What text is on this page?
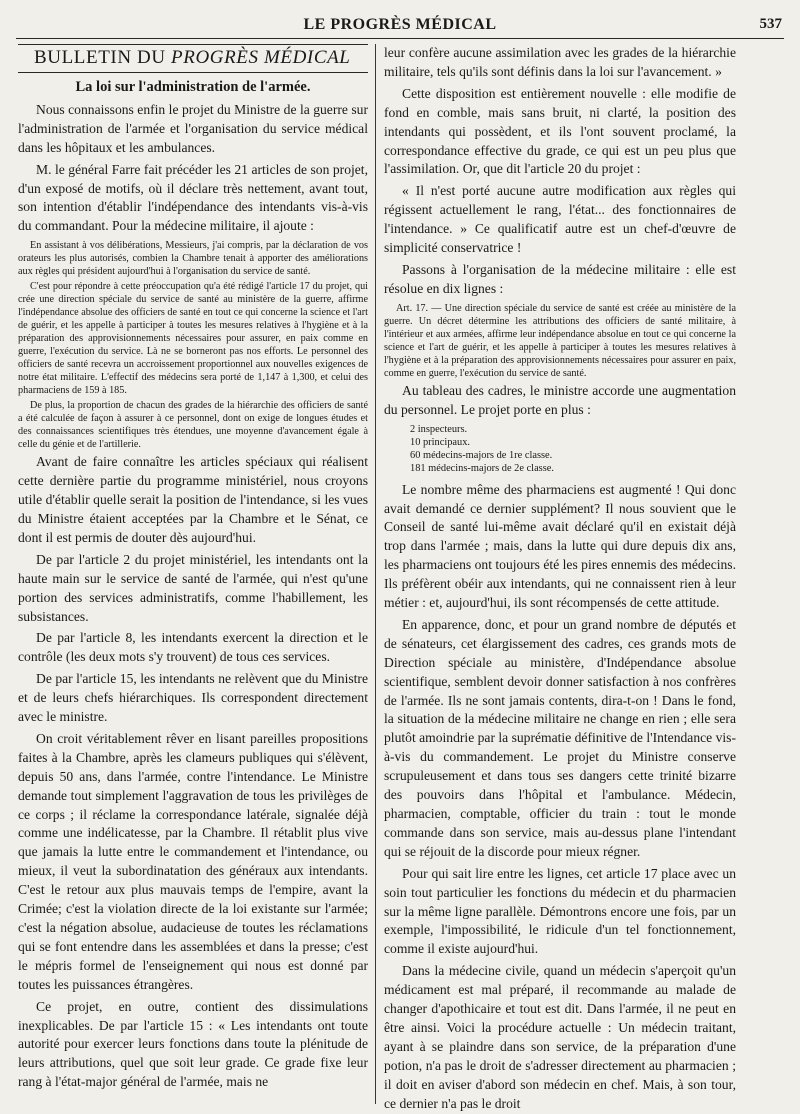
LE PROGRÈS MÉDICAL	537
BULLETIN DU PROGRÈS MÉDICAL
La loi sur l'administration de l'armée.

Nous connaissons enfin le projet du Ministre de la guerre sur l'administration de l'armée et l'organisation du service médical dans les hôpitaux et les ambulances.

M. le général Farre fait précéder les 21 articles de son projet, d'un exposé de motifs, où il déclare très nettement, avant tout, son intention d'établir l'indépendance des intendants vis-à-vis du commandant. Pour la médecine militaire, il ajoute :

En assistant à vos délibérations, Messieurs, j'ai compris, par la déclaration de vos orateurs les plus autorisés, combien la Chambre tenait à apporter des améliorations aux règles qui président aujourd'hui à l'organisation du service de santé.

C'est pour répondre à cette préoccupation qu'a été rédigé l'article 17 du projet, qui crée une direction spéciale du service de santé au ministère de la guerre, affirme l'indépendance absolue des officiers de santé en tout ce qui concerne la science et l'art de guérir, et les appelle à participer à toutes les mesures relatives à l'hygiène et à la préparation des approvisionnements nécessaires pour assurer, en paix comme en guerre, l'exécution du service. Là ne se borneront pas nos efforts. Le personnel des officiers de santé recevra un accroissement proportionnel aux nouvelles exigences de notre état militaire. L'effectif des médecins sera porté de 1,147 à 1,300, et celui des pharmaciens de 159 à 185.

De plus, la proportion de chacun des grades de la hiérarchie des officiers de santé a été calculée de façon à assurer à ce personnel, dont on exige de longues études et des connaissances scientifiques très étendues, une moyenne d'avancement égale à celle du génie et de l'artillerie.

Avant de faire connaître les articles spéciaux qui réalisent cette dernière partie du programme ministériel, nous croyons utile d'établir quelle serait la position de l'intendance, si les vues du Ministre étaient acceptées par la Chambre et le Sénat, ce dont il est permis de douter dès aujourd'hui.

De par l'article 2 du projet ministériel, les intendants ont la haute main sur le service de santé de l'armée, qui n'est qu'une portion des services administratifs, comme l'habillement, les subsistances.

De par l'article 8, les intendants exercent la direction et le contrôle (les deux mots s'y trouvent) de tous ces services.

De par l'article 15, les intendants ne relèvent que du Ministre et de leurs chefs hiérarchiques. Ils correspondent directement avec le ministre.

On croit véritablement rêver en lisant pareilles propositions faites à la Chambre, après les clameurs publiques qui s'élèvent, depuis 50 ans, dans l'armée, contre l'intendance. Le Ministre demande tout simplement l'aggravation de tous les privilèges de ce corps ; il réclame la correspondance latérale, signalée déjà comme une indélicatesse, par la Chambre. Il rétablit plus vive que jamais la lutte entre le commandement et l'intendance, ou mieux, il veut la subordinatation des généraux aux intendants. C'est le retour aux plus mauvais temps de l'empire, avant la Crimée; c'est la violation directe de la loi existante sur l'armée; c'est la négation absolue, audacieuse de toutes les réclamations qui se font entendre dans les assemblées et dans la presse; c'est le mépris formel de l'enseignement qui nous est donné par toutes les puissances étrangères.

Ce projet, en outre, contient des dissimulations inexplicables. De par l'article 15 : « Les intendants ont toute autorité pour exercer leurs fonctions dans toute la plénitude de leurs attributions, quel que soit leur grade. Ce grade fixe leur rang à l'état-major général de l'armée, mais ne

leur confère aucune assimilation avec les grades de la hiérarchie militaire, tels qu'ils sont définis dans la loi sur l'avancement. »

Cette disposition est entièrement nouvelle : elle modifie de fond en comble, mais sans bruit, ni clarté, la position des intendants qui possèdent, et ils l'ont souvent proclamé, la correspondance effective du grade, ce qui est un peu plus que l'assimilation. Or, que dit l'article 20 du projet :

« Il n'est porté aucune autre modification aux règles qui régissent actuellement le rang, l'état... des fonctionnaires de l'intendance. » Ce qualificatif autre est un chef-d'œuvre de simplicité conservatrice !

Passons à l'organisation de la médecine militaire : elle est résolue en dix lignes :

Art. 17. — Une direction spéciale du service de santé est créée au ministère de la guerre. Un décret détermine les attributions des officiers de santé militaire, à l'intérieur et aux armées, affirme leur indépendance absolue en tout ce qui concerne la science et l'art de guérir, et les appelle à participer à toutes les mesures relatives à l'hygiène et à la préparation des approvisionnements nécessaires pour assurer en paix, comme en guerre, l'exécution du service de santé.

Au tableau des cadres, le ministre accorde une augmentation du personnel. Le projet porte en plus :

2 inspecteurs.
10 principaux.
60 médecins-majors de 1re classe.
181 médecins-majors de 2e classe.

Le nombre même des pharmaciens est augmenté ! Qui donc avait demandé ce dernier supplément? Il nous souvient que le Conseil de santé lui-même avait déclaré qu'il en existait déjà trop dans l'armée ; mais, dans la lutte qui dure depuis dix ans, les pharmaciens ont toujours été les pires ennemis des médecins. Ils préfèrent obéir aux intendants, qui ne connaissent rien à leur métier : et, aujourd'hui, ils sont récompensés de cette attitude.

En apparence, donc, et pour un grand nombre de députés et de sénateurs, cet élargissement des cadres, ces grands mots de Direction spéciale au ministère, d'Indépendance absolue scientifique, semblent devoir donner satisfaction à nos confrères de l'armée. Ils ne sont jamais contents, dira-t-on ! Dans le fond, la situation de la médecine militaire ne change en rien ; elle sera plutôt amoindrie par la suprématie définitive de l'Intendance vis-à-vis du commandement. Le projet du Ministre conserve scrupuleusement et dans tous ses dangers cette trinité bizarre des pouvoirs dans l'hôpital et l'ambulance. Médecin, pharmacien, comptable, officier du train : tout le monde commande dans son service, mais au-dessus plane l'intendant qui se réjouit de la discorde pour mieux régner.

Pour qui sait lire entre les lignes, cet article 17 place avec un soin tout particulier les fonctions du médecin et du pharmacien sur la même ligne parallèle. Démontrons encore une fois, par un exemple, l'impossibilité, le ridicule d'un tel fonctionnement, comme il existe aujourd'hui.

Dans la médecine civile, quand un médecin s'aperçoit qu'un médicament est mal préparé, il recommande au malade de changer d'apothicaire et tout est dit. Dans l'armée, il ne peut en être ainsi. Voici la procédure actuelle : Un médecin traitant, ayant à se plaindre dans son service, de la préparation d'une potion, n'a pas le droit de s'adresser directement au pharmacien ; il doit en aviser d'abord son médecin en chef. Mais, à son tour, ce dernier n'a pas le droit
